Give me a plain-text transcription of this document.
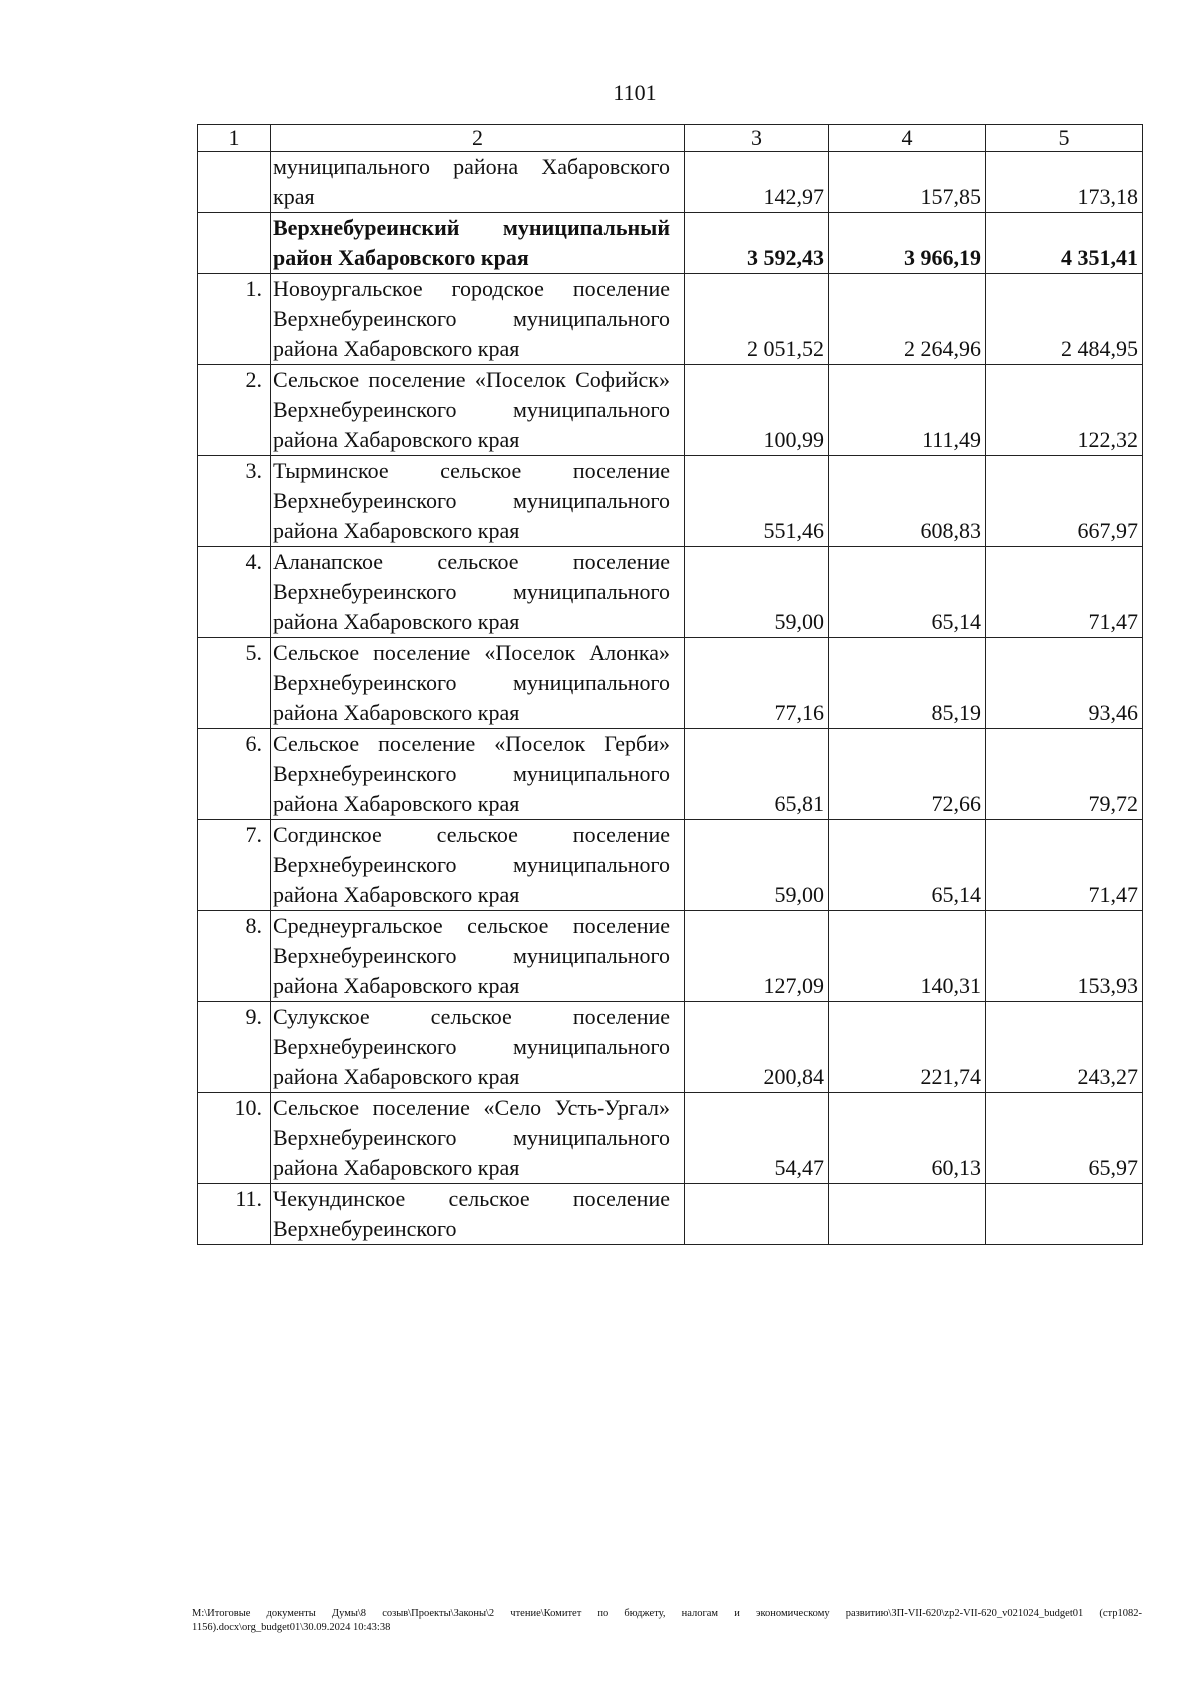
1101
1	2	3	4	5
	муниципального района Хабаровского края	142,97	157,85	173,18
	Верхнебуреинский муниципальный район Хабаровского края	3 592,43	3 966,19	4 351,41
1.	Новоургальское городское поселение Верхнебуреинского муниципального района Хабаровского края	2 051,52	2 264,96	2 484,95
2.	Сельское поселение «Поселок Софийск» Верхнебуреинского муниципального района Хабаровского края	100,99	111,49	122,32
3.	Тырминское сельское поселение Верхнебуреинского муниципального района Хабаровского края	551,46	608,83	667,97
4.	Аланапское сельское поселение Верхнебуреинского муниципального района Хабаровского края	59,00	65,14	71,47
5.	Сельское поселение «Поселок Алонка» Верхнебуреинского муниципального района Хабаровского края	77,16	85,19	93,46
6.	Сельское поселение «Поселок Герби» Верхнебуреинского муниципального района Хабаровского края	65,81	72,66	79,72
7.	Согдинское сельское поселение Верхнебуреинского муниципального района Хабаровского края	59,00	65,14	71,47
8.	Среднеургальское сельское поселение Верхнебуреинского муниципального района Хабаровского края	127,09	140,31	153,93
9.	Сулукское сельское поселение Верхнебуреинского муниципального района Хабаровского края	200,84	221,74	243,27
10.	Сельское поселение «Село Усть-Ургал» Верхнебуреинского муниципального района Хабаровского края	54,47	60,13	65,97
11.	Чекундинское сельское поселение Верхнебуреинского			
M:\Итоговые документы Думы\8 созыв\Проекты\Законы\2 чтение\Комитет по бюджету, налогам и экономическому развитию\ЗП-VII-620\zp2-VII-620_v021024_budget01 (стр1082-1156).docx\org_budget01\30.09.2024 10:43:38
